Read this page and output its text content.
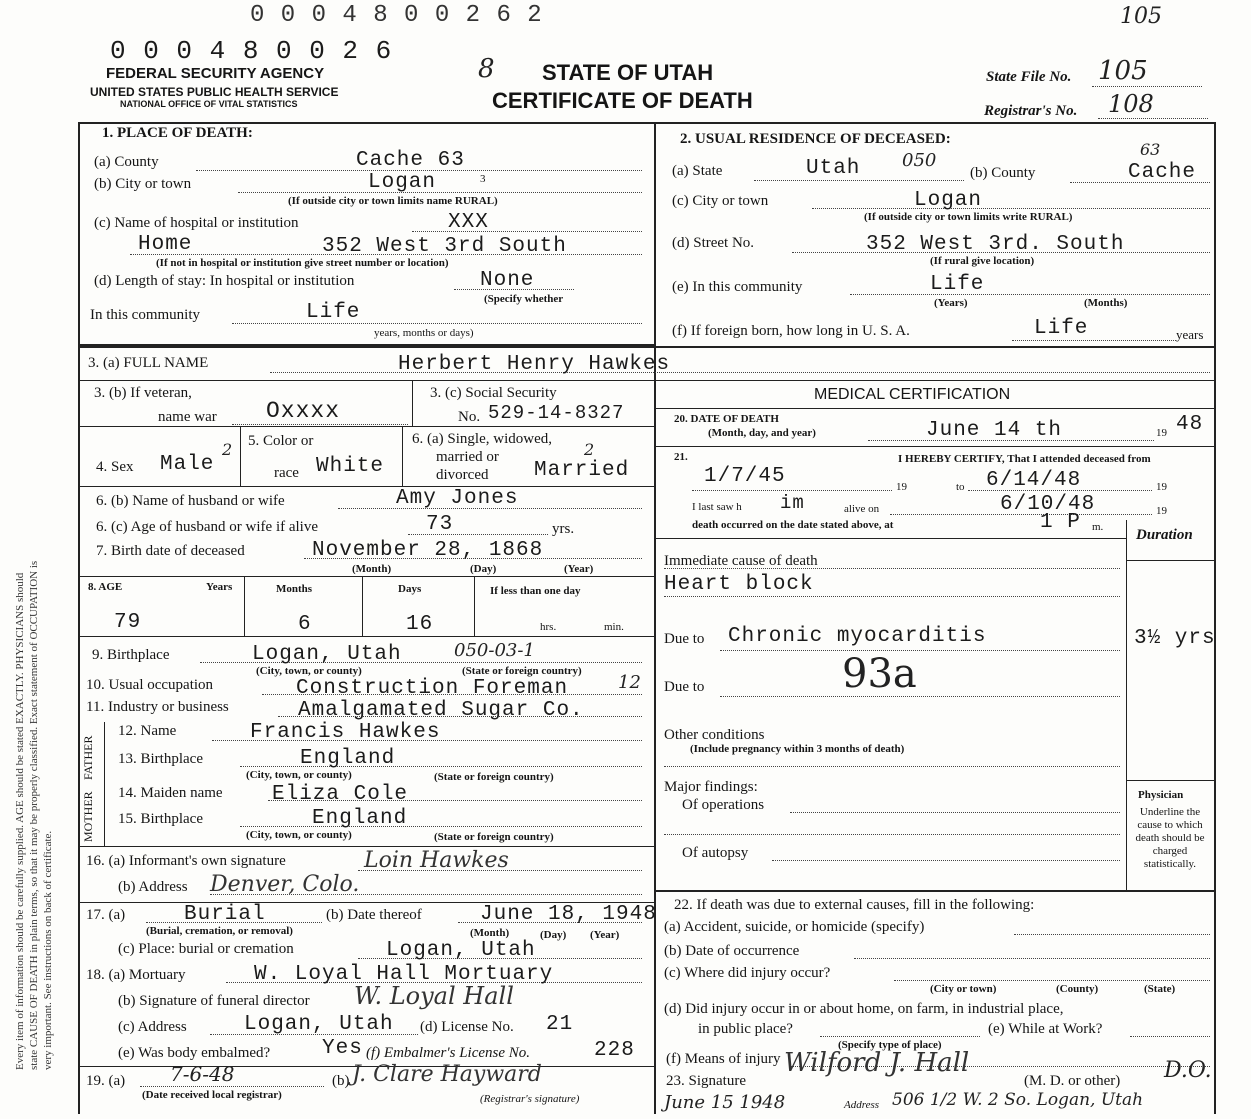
Every item of information should be carefully supplied. AGE should be stated EXACTLY. PHYSICIANS should state CAUSE OF DEATH in plain terms, so that it may be properly classified. Exact statement of OCCUPATION is very important. See instructions on back of certificate.
0 0 0 4 8 0 0 2 6 2	105
0 0 0 4 8 0 0 2 6
8
FEDERAL SECURITY AGENCY
UNITED STATES PUBLIC HEALTH SERVICE
NATIONAL OFFICE OF VITAL STATISTICS
STATE OF UTAH
CERTIFICATE OF DEATH
State File No. 105
Registrar's No. 108
1. PLACE OF DEATH:
(a) County	Cache 63
(b) City or town	Logan	3
(If outside city or town limits name RURAL)
(c) Name of hospital or institution	XXX
Home	352 West 3rd South
(If not in hospital or institution give street number or location)
(d) Length of stay: In hospital or institution	None
(Specify whether
In this community	Life
years, months or days)
2. USUAL RESIDENCE OF DECEASED:
(a) State	Utah 050
(b) County	Cache
63
(c) City or town	Logan
(If outside city or town limits write RURAL)
(d) Street No.	352 West 3rd. South
(If rural give location)
(e) In this community	Life
(Years)	(Months)
(f) If foreign born, how long in U. S. A.	Life	years
3. (a) FULL NAME	Herbert Henry Hawkes
3. (b) If veteran,
name war Oxxxx
3. (c) Social Security
No. 529-14-8327
4. Sex Male
2 5. Color or
race White
6. (a) Single, widowed,
married or
divorced Married
2
6. (b) Name of husband or wife	Amy Jones
6. (c) Age of husband or wife if alive	73	yrs.
7. Birth date of deceased	November 28, 1868
(Month)	(Day)	(Year)
8. AGE	Years	Months	Days	If less than one day
79	6	16	hrs.	min.
9. Birthplace	Logan, Utah	050-03-1
(City, town, or county)	(State or foreign country)
10. Usual occupation	Construction Foreman	12
11. Industry or business	Amalgamated Sugar Co.
FATHER
MOTHER
12. Name	Francis Hawkes
13. Birthplace	England
(City, town, or county)	(State or foreign country)
14. Maiden name Eliza Cole
15. Birthplace	England
(City, town, or county)	(State or foreign country)
16. (a) Informant's own signature	Loin Hawkes
(b) Address Denver, Colo.
17. (a)	Burial	(b) Date thereof	June 18, 1948
(Burial, cremation, or removal)	(Month)	(Day) (Year)
(c) Place: burial or cremation	Logan, Utah
18. (a) Mortuary	W. Loyal Hall Mortuary
(b) Signature of funeral director W. Loyal Hall
(c) Address	Logan, Utah (d) License No. 21
(e) Was body embalmed? Yes (f) Embalmer's License No.	228
19. (a) 7-6-48
(Date received local registrar)
(b) J. Clare Hayward
(Registrar's signature)
MEDICAL CERTIFICATION
20. DATE OF DEATH
(Month, day, and year)	June 14 th	19 48
21.	I HEREBY CERTIFY, That I attended deceased from
1/7/45	19	to 6/14/48	19
I last saw h im	alive on	6/10/48	19
death occurred on the date stated above, at	1 P m. Duration
Immediate cause of death
Heart block
Due to Chronic myocarditis	3½ yrs
Due to	93a
Other conditions
(Include pregnancy within 3 months of death)
Major findings:
Of operations
Of autopsy
Physician
Underline the cause to which death should be charged statistically.
22. If death was due to external causes, fill in the following:
(a) Accident, suicide, or homicide (specify)
(b) Date of occurrence
(c) Where did injury occur?
(City or town)	(County)	(State)
(d) Did injury occur in or about home, on farm, in industrial place,
in public place?
(Specify type of place)
(e) While at Work?
(f) Means of injury
23. Signature
Wilford J. Hall
(M. D. or other) D.O.
June 15 1948	Address 506 1/2 W. 2 So. Logan, Utah
